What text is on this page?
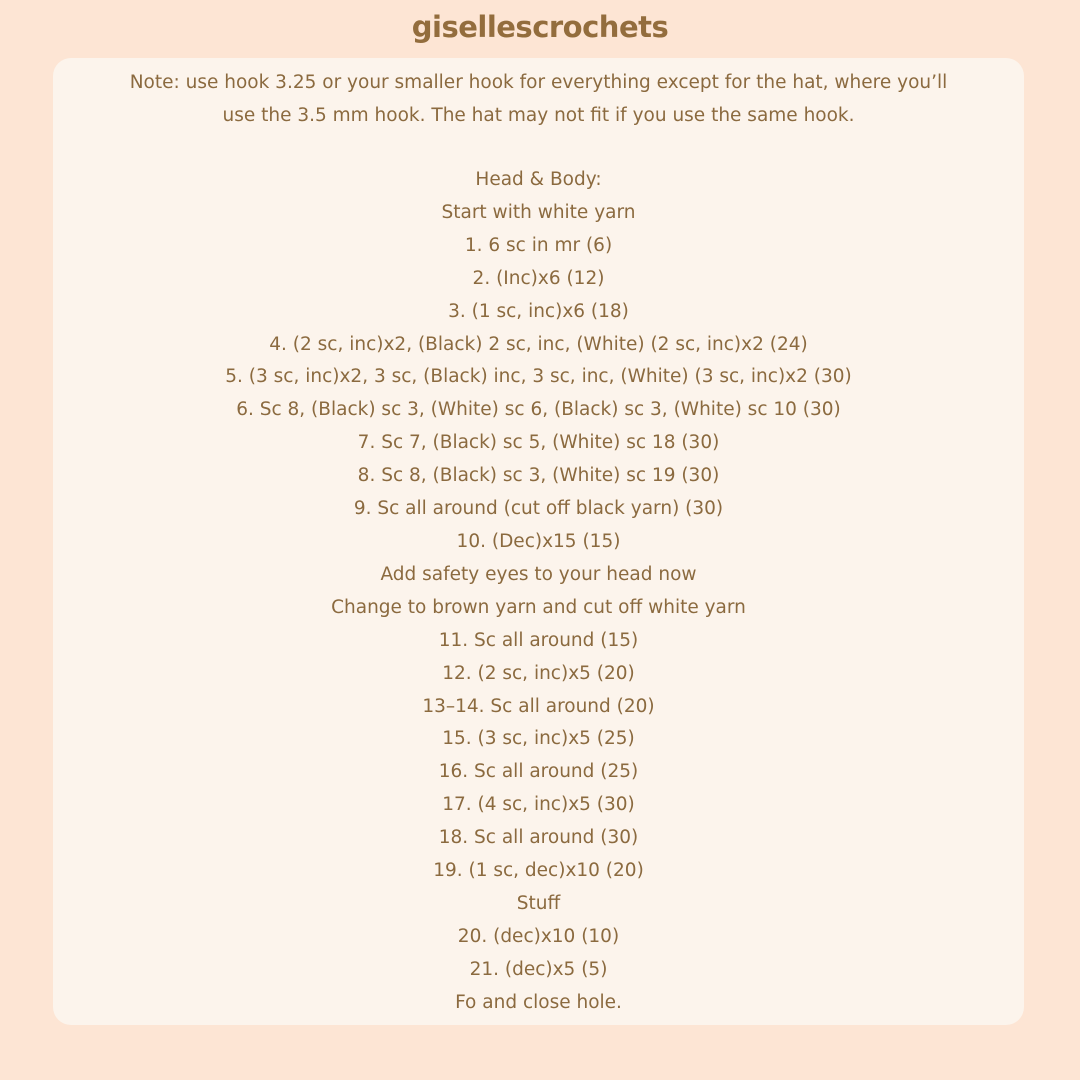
gisellescrochets

Note: use hook 3.25 or your smaller hook for everything except for the hat, where you’ll
use the 3.5 mm hook. The hat may not fit if you use the same hook.

Head & Body:
Start with white yarn
1. 6 sc in mr (6)
2. (Inc)x6 (12)
3. (1 sc, inc)x6 (18)
4. (2 sc, inc)x2, (Black) 2 sc, inc, (White) (2 sc, inc)x2 (24)
5. (3 sc, inc)x2, 3 sc, (Black) inc, 3 sc, inc, (White) (3 sc, inc)x2 (30)
6. Sc 8, (Black) sc 3, (White) sc 6, (Black) sc 3, (White) sc 10 (30)
7. Sc 7, (Black) sc 5, (White) sc 18 (30)
8. Sc 8, (Black) sc 3, (White) sc 19 (30)
9. Sc all around (cut off black yarn) (30)
10. (Dec)x15 (15)
Add safety eyes to your head now
Change to brown yarn and cut off white yarn
11. Sc all around (15)
12. (2 sc, inc)x5 (20)
13–14. Sc all around (20)
15. (3 sc, inc)x5 (25)
16. Sc all around (25)
17. (4 sc, inc)x5 (30)
18. Sc all around (30)
19. (1 sc, dec)x10 (20)
Stuff
20. (dec)x10 (10)
21. (dec)x5 (5)
Fo and close hole.
